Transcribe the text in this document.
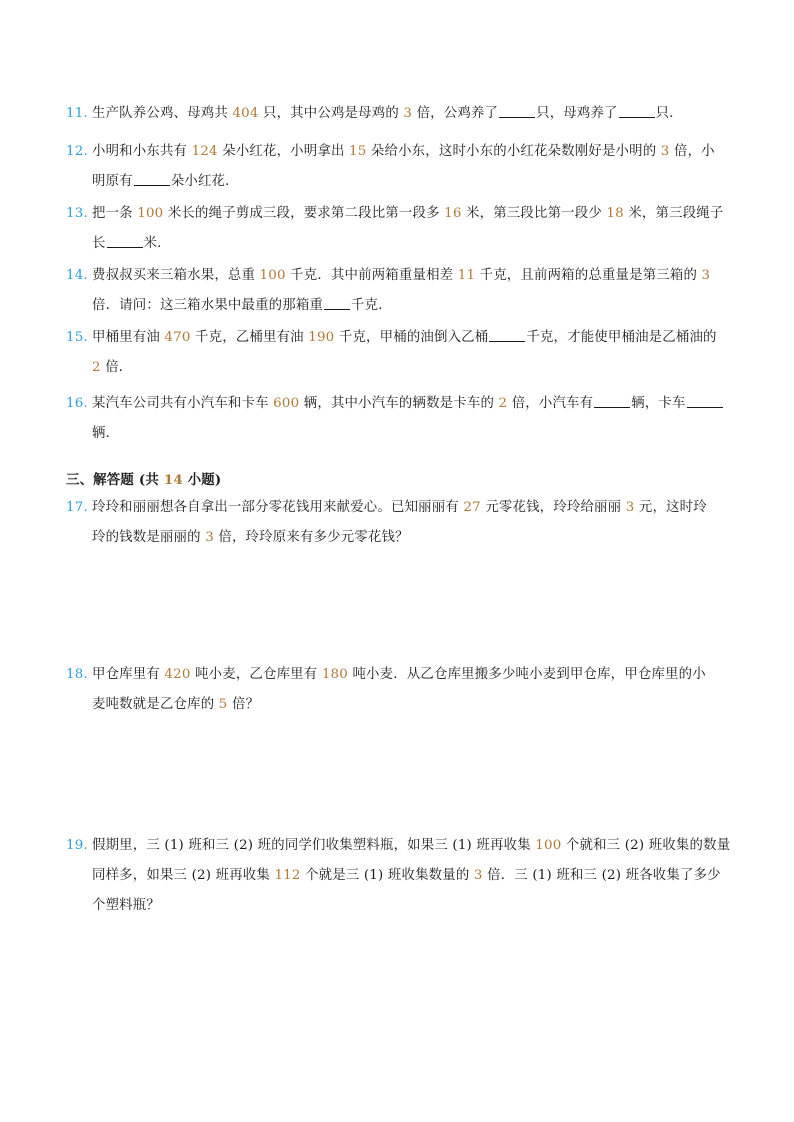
11. 生产队养公鸡、母鸡共 404 只，其中公鸡是母鸡的 3 倍，公鸡养了	只，母鸡养了	只．
12. 小明和小东共有 124 朵小红花，小明拿出 15 朵给小东，这时小东的小红花朵数刚好是小明的 3 倍，小
明原有	朵小红花．
13. 把一条 100 米长的绳子剪成三段，要求第二段比第一段多 16 米，第三段比第一段少 18 米，第三段绳子
长	米．
14. 费叔叔买来三箱水果，总重 100 千克．其中前两箱重量相差 11 千克，且前两箱的总重量是第三箱的 3
倍．请问：这三箱水果中最重的那箱重 千克．
15. 甲桶里有油 470 千克，乙桶里有油 190 千克，甲桶的油倒入乙桶	千克，才能使甲桶油是乙桶油的
2 倍．
16. 某汽车公司共有小汽车和卡车 600 辆，其中小汽车的辆数是卡车的 2 倍，小汽车有	辆，卡车
辆．
三、解答题 (共 14 小题)
17. 玲玲和丽丽想各自拿出一部分零花钱用来献爱心。已知丽丽有 27 元零花钱，玲玲给丽丽 3 元，这时玲
玲的钱数是丽丽的 3 倍，玲玲原来有多少元零花钱？
18. 甲仓库里有 420 吨小麦，乙仓库里有 180 吨小麦．从乙仓库里搬多少吨小麦到甲仓库，甲仓库里的小
麦吨数就是乙仓库的 5 倍？
19. 假期里，三 (1) 班和三 (2) 班的同学们收集塑料瓶，如果三 (1) 班再收集 100 个就和三 (2) 班收集的数量
同样多，如果三 (2) 班再收集 112 个就是三 (1) 班收集数量的 3 倍．三 (1) 班和三 (2) 班各收集了多少
个塑料瓶？
